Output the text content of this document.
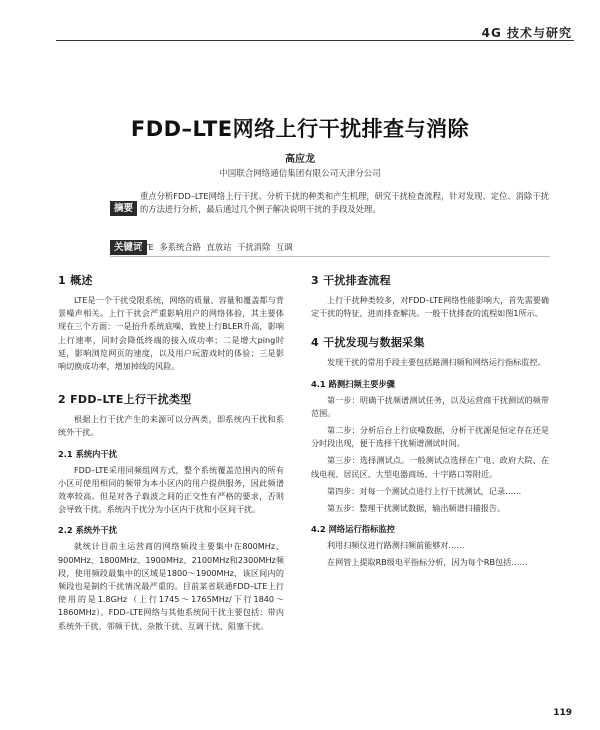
4G 技术与研究
FDD–LTE网络上行干扰排查与消除
高应龙
中国联合网络通信集团有限公司天津分公司
摘要
重点分析FDD–LTE网络上行干扰、分析干扰的种类和产生机理，研究干扰检查流程，针对发现、定位、消除干扰的方法进行分析，最后通过几个例子解决说明干扰的手段及处理。
关键词
LTE 多系统合路 直放站 干扰消除 互调
1 概述

LTE是一个干扰受限系统，网络的质量、容量和覆盖都与背景噪声相关。上行干扰会严重影响用户的网络体验，其主要体现在三个方面：一是抬升系统底噪，致使上行BLER升高，影响上行速率，同时会降低终端的接入成功率；二是增大ping时延，影响浏览网页的速度，以及用户玩游戏时的体验；三是影响切换成功率，增加掉线的风险。

2 FDD–LTE上行干扰类型

根据上行干扰产生的来源可以分两类，即系统内干扰和系统外干扰。

2.1 系统内干扰

FDD–LTE采用同频组网方式，整个系统覆盖范围内的所有小区可使用相同的频带为本小区内的用户提供服务，因此频谱效率较高。但是对各子载波之间的正交性有严格的要求，否则会导致干扰。系统内干扰分为小区内干扰和小区间干扰。

2.2 系统外干扰

就统计目前主运营商的网络频段主要集中在800MHz、900MHz、1800MHz、1900MHz、2100MHz和2300MHz频段，使用频段最集中的区域是1800～1900MHz，该区间内的频段也是制约干扰情况最严重的。目前某省联通FDD–LTE上行使用的是1.8GHz（上行1745～1765MHz/下行1840～1860MHz）。FDD–LTE网络与其他系统间干扰主要包括：带内系统外干扰、邻频干扰、杂散干扰、互调干扰、阻塞干扰。

3 干扰排查流程

上行干扰种类较多，对FDD–LTE网络性能影响大，首先需要确定干扰的特征，进而排查解决。一般干扰排查的流程如图1所示。

4 干扰发现与数据采集

发现干扰的常用手段主要包括路测扫频和网络运行指标监控。

4.1 路测扫频主要步骤

第一步：明确干扰频谱测试任务，以及运营商干扰测试的频带范围。

第二步：分析后台上行底噪数据，分析干扰源是恒定存在还是分时段出现，便于选择干扰频谱测试时间。

第三步：选择测试点。一般测试点选择在广电、政府大院、在线电视、居民区、大型电器商场、十字路口等附近。

第四步：对每一个测试点进行上行干扰测试，记录……

第五步：整理干扰测试数据，输出频谱扫描报告。

4.2 网络运行指标监控

利用扫频仪进行路测扫频前能够对……

在网管上提取RB级电平指标分析，因为每个RB包括……

119
